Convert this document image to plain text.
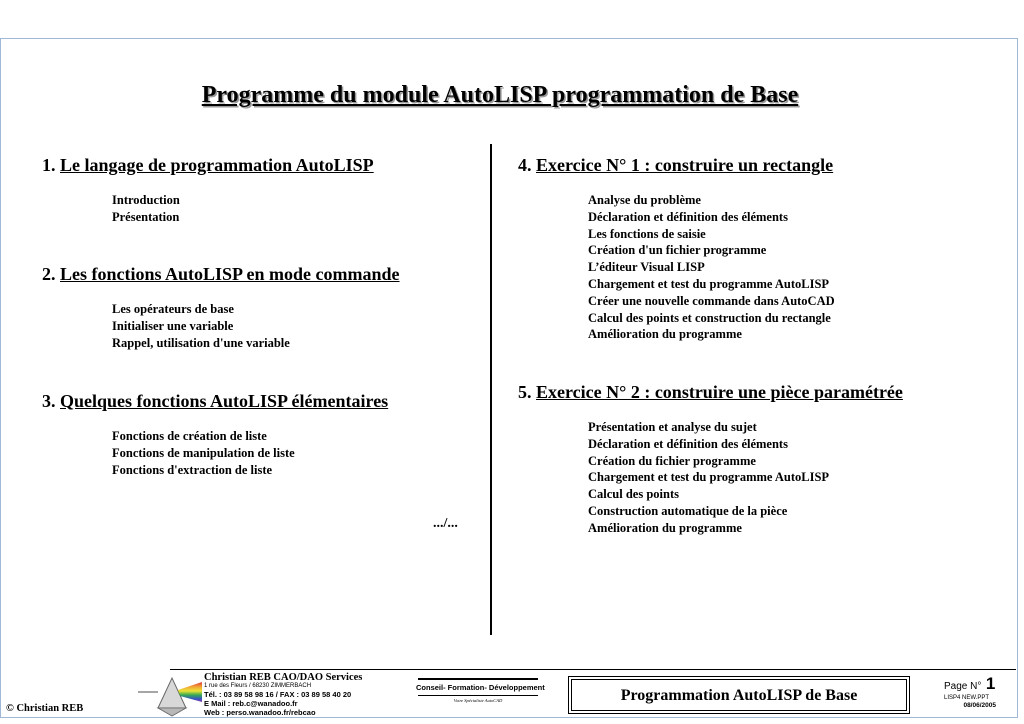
Programme du module AutoLISP programmation de Base

1. Le langage de programmation AutoLISP

Introduction
Présentation

2. Les fonctions AutoLISP en mode commande

Les opérateurs de base
Initialiser une variable
Rappel, utilisation d'une variable

3. Quelques fonctions AutoLISP élémentaires

Fonctions de création de liste
Fonctions de manipulation de liste
Fonctions d'extraction de liste
.../...

4. Exercice N° 1 : construire un rectangle

Analyse du problème
Déclaration et définition des éléments
Les fonctions de saisie
Création d'un fichier programme
L’éditeur Visual LISP
Chargement et test du programme AutoLISP
Créer une nouvelle commande dans AutoCAD
Calcul des points et construction du rectangle
Amélioration du programme

5. Exercice N° 2 : construire une pièce paramétrée

Présentation et analyse du sujet
Déclaration et définition des éléments
Création du fichier programme
Chargement et test du programme AutoLISP
Calcul des points
Construction automatique de la pièce
Amélioration du programme
© Christian REB
Christian REB CAO/DAO Services
1 rue des Fleurs / 68230 ZIMMERBACH
Tél. : 03 89 58 98 16 / FAX : 03 89 58 40 20
E Mail : reb.c@wanadoo.fr
Web : perso.wanadoo.fr/rebcao
Conseil- Formation- Développement
Votre Spécialiste AutoCAD	Programmation AutoLISP de Base
Page N° 1
LISP4 NEW.PPT
08/06/2005
